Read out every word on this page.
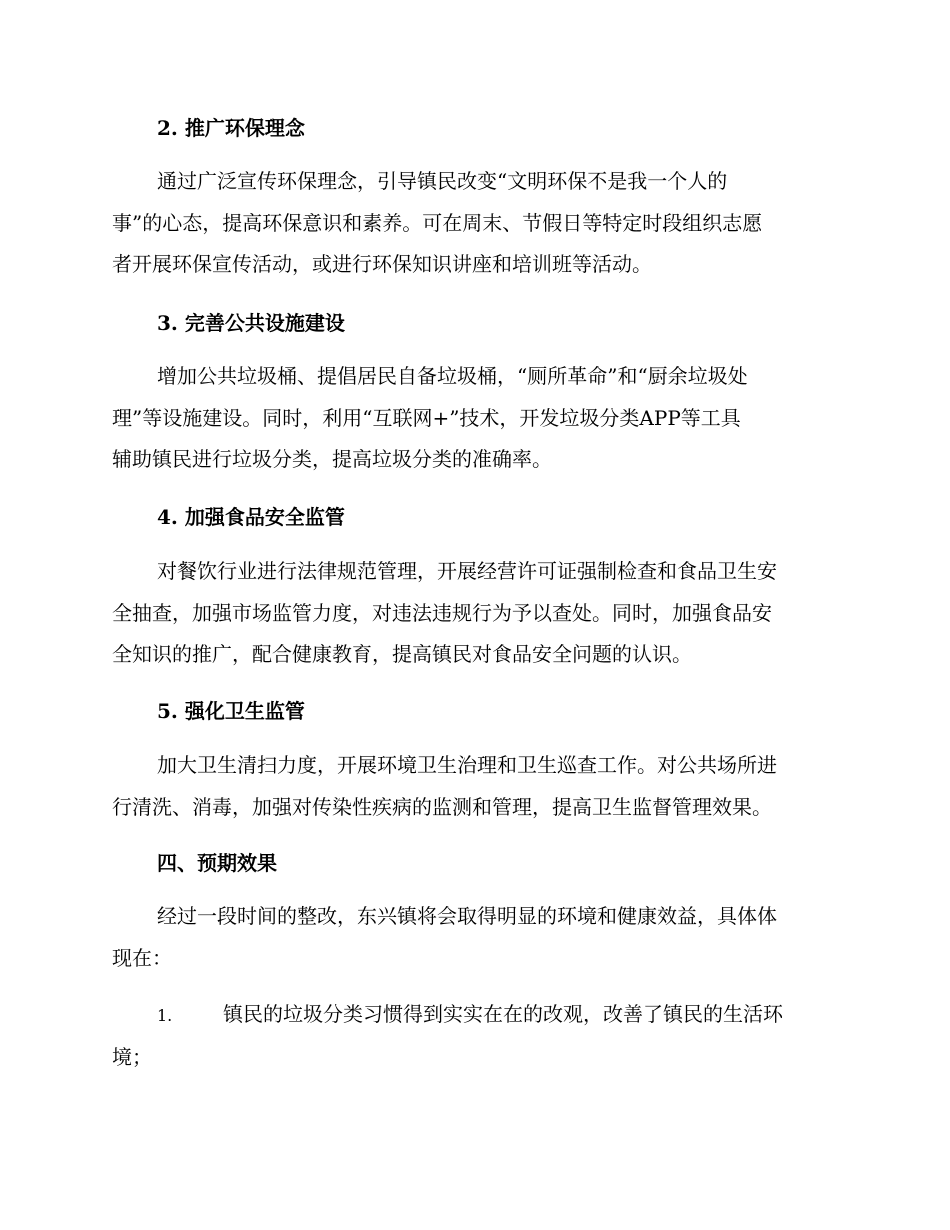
2. 推广环保理念

通过广泛宣传环保理念，引导镇民改变“文明环保不是我一个人的
事”的心态，提高环保意识和素养。可在周末、节假日等特定时段组织志愿
者开展环保宣传活动，或进行环保知识讲座和培训班等活动。

3. 完善公共设施建设

增加公共垃圾桶、提倡居民自备垃圾桶，“厕所革命”和“厨余垃圾处
理”等设施建设。同时，利用“互联网+”技术，开发垃圾分类APP等工具
辅助镇民进行垃圾分类，提高垃圾分类的准确率。

4. 加强食品安全监管

对餐饮行业进行法律规范管理，开展经营许可证强制检查和食品卫生安
全抽查，加强市场监管力度，对违法违规行为予以查处。同时，加强食品安
全知识的推广，配合健康教育，提高镇民对食品安全问题的认识。

5. 强化卫生监管

加大卫生清扫力度，开展环境卫生治理和卫生巡查工作。对公共场所进
行清洗、消毒，加强对传染性疾病的监测和管理，提高卫生监督管理效果。

四、预期效果

经过一段时间的整改，东兴镇将会取得明显的环境和健康效益，具体体
现在：

1.	镇民的垃圾分类习惯得到实实在在的改观，改善了镇民的生活环
境；
